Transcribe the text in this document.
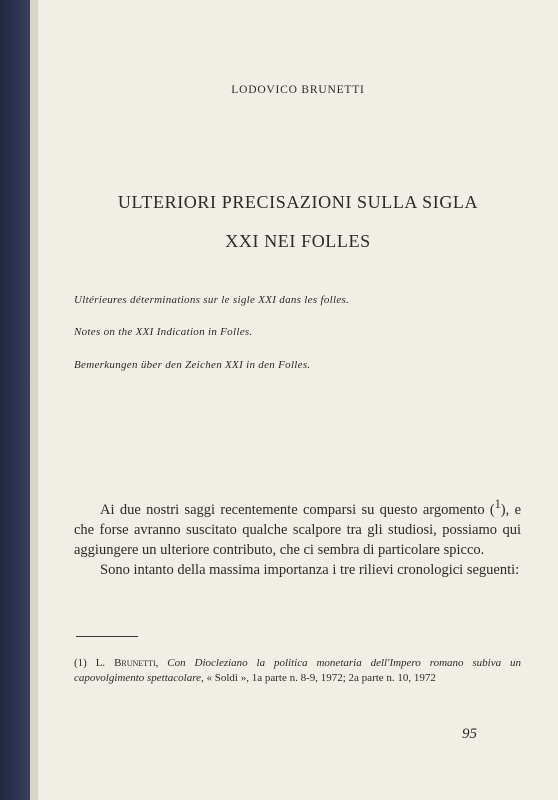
LODOVICO BRUNETTI
ULTERIORI PRECISAZIONI SULLA SIGLA
XXI NEI FOLLES
Ultérieures déterminations sur le sigle XXI dans les folles.
Notes on the XXI Indication in Folles.
Bemerkungen über den Zeichen XXI in den Folles.

Ai due nostri saggi recentemente comparsi su questo argomento ($^1$), e che forse avranno suscitato qualche scalpore tra gli studiosi, possiamo qui aggiungere un ulteriore contributo, che ci sembra di particolare spicco.

Sono intanto della massima importanza i tre rilievi cronologici seguenti:

(1) L. Brunetti, Con Diocleziano la politica monetaria dell'Impero romano subiva un capovolgimento spettacolare, « Soldi », 1a parte n. 8-9, 1972; 2a parte n. 10, 1972
95
